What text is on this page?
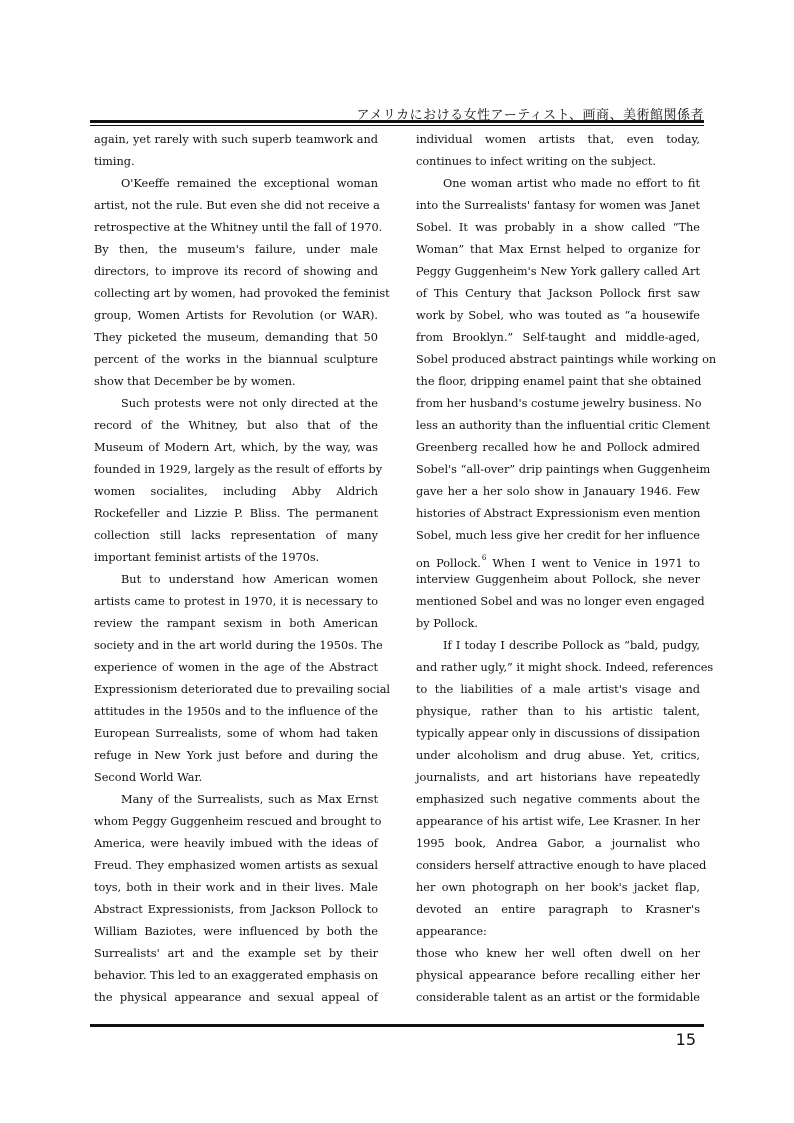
アメリカにおける女性アーティスト、画商、美術館関係者
again, yet rarely with such superb teamwork and
timing.
O'Keeffe remained the exceptional woman
artist, not the rule. But even she did not receive a
retrospective at the Whitney until the fall of 1970.
By then, the museum's failure, under male
directors, to improve its record of showing and
collecting art by women, had provoked the feminist
group, Women Artists for Revolution (or WAR).
They picketed the museum, demanding that 50
percent of the works in the biannual sculpture
show that December be by women.
Such protests were not only directed at the
record of the Whitney, but also that of the
Museum of Modern Art, which, by the way, was
founded in 1929, largely as the result of efforts by
women socialites, including Abby Aldrich
Rockefeller and Lizzie P. Bliss. The permanent
collection still lacks representation of many
important feminist artists of the 1970s.
But to understand how American women
artists came to protest in 1970, it is necessary to
review the rampant sexism in both American
society and in the art world during the 1950s. The
experience of women in the age of the Abstract
Expressionism deteriorated due to prevailing social
attitudes in the 1950s and to the influence of the
European Surrealists, some of whom had taken
refuge in New York just before and during the
Second World War.
Many of the Surrealists, such as Max Ernst
whom Peggy Guggenheim rescued and brought to
America, were heavily imbued with the ideas of
Freud. They emphasized women artists as sexual
toys, both in their work and in their lives. Male
Abstract Expressionists, from Jackson Pollock to
William Baziotes, were influenced by both the
Surrealists' art and the example set by their
behavior. This led to an exaggerated emphasis on
the physical appearance and sexual appeal of
individual women artists that, even today,
continues to infect writing on the subject.
One woman artist who made no effort to fit
into the Surrealists' fantasy for women was Janet
Sobel. It was probably in a show called “The
Woman” that Max Ernst helped to organize for
Peggy Guggenheim's New York gallery called Art
of This Century that Jackson Pollock first saw
work by Sobel, who was touted as “a housewife
from Brooklyn.” Self-taught and middle-aged,
Sobel produced abstract paintings while working on
the floor, dripping enamel paint that she obtained
from her husband's costume jewelry business. No
less an authority than the influential critic Clement
Greenberg recalled how he and Pollock admired
Sobel's “all-over” drip paintings when Guggenheim
gave her a her solo show in Janauary 1946. Few
histories of Abstract Expressionism even mention
Sobel, much less give her credit for her influence
on Pollock.$^6$ When I went to Venice in 1971 to
interview Guggenheim about Pollock, she never
mentioned Sobel and was no longer even engaged
by Pollock.
If I today I describe Pollock as “bald, pudgy,
and rather ugly,” it might shock. Indeed, references
to the liabilities of a male artist's visage and
physique, rather than to his artistic talent,
typically appear only in discussions of dissipation
under alcoholism and drug abuse. Yet, critics,
journalists, and art historians have repeatedly
emphasized such negative comments about the
appearance of his artist wife, Lee Krasner. In her
1995 book, Andrea Gabor, a journalist who
considers herself attractive enough to have placed
her own photograph on her book's jacket flap,
devoted an entire paragraph to Krasner's
appearance:
those who knew her well often dwell on her
physical appearance before recalling either her
considerable talent as an artist or the formidable
15
